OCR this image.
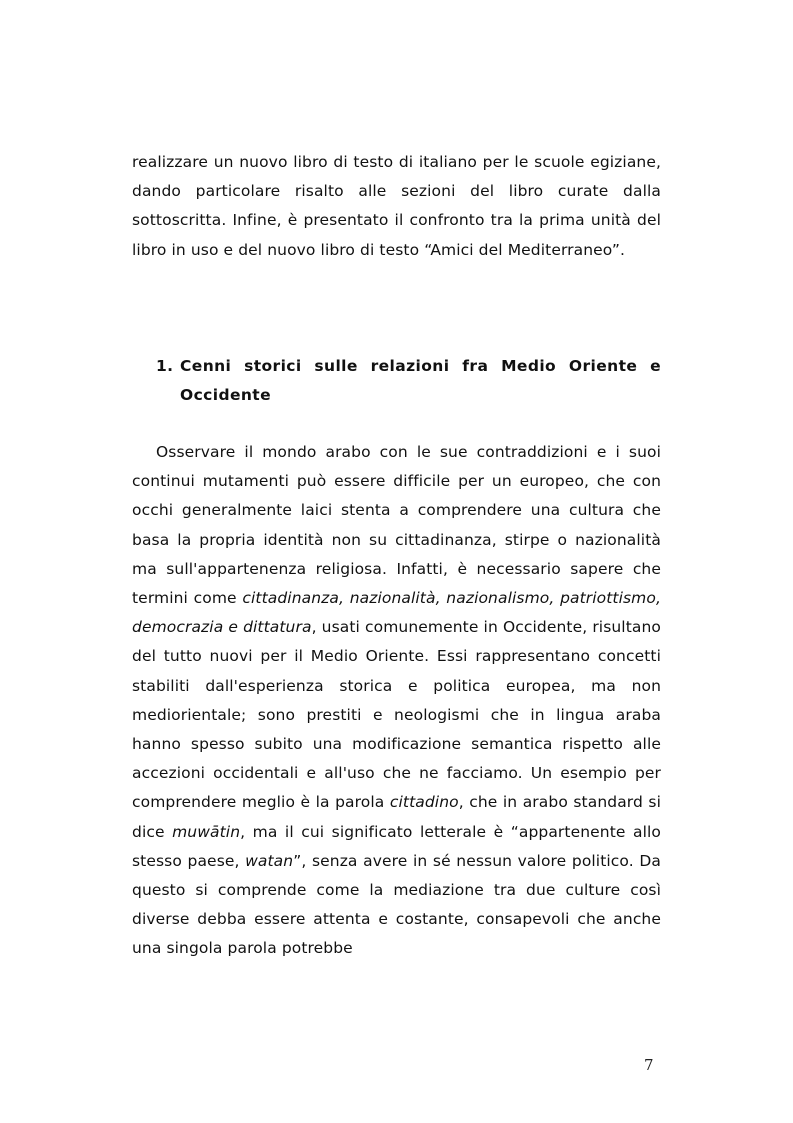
realizzare un nuovo libro di testo di italiano per le scuole egiziane, dando particolare risalto alle sezioni del libro curate dalla sottoscritta. Infine, è presentato il confronto tra la prima unità del libro in uso e del nuovo libro di testo “Amici del Mediterraneo”.

1. Cenni storici sulle relazioni fra Medio Oriente e Occidente

Osservare il mondo arabo con le sue contraddizioni e i suoi continui mutamenti può essere difficile per un europeo, che con occhi generalmente laici stenta a comprendere una cultura che basa la propria identità non su cittadinanza, stirpe o nazionalità ma sull'appartenenza religiosa. Infatti, è necessario sapere che termini come cittadinanza, nazionalità, nazionalismo, patriottismo, democrazia e dittatura, usati comunemente in Occidente, risultano del tutto nuovi per il Medio Oriente. Essi rappresentano concetti stabiliti dall'esperienza storica e politica europea, ma non mediorientale; sono prestiti e neologismi che in lingua araba hanno spesso subito una modificazione semantica rispetto alle accezioni occidentali e all'uso che ne facciamo. Un esempio per comprendere meglio è la parola cittadino, che in arabo standard si dice muwātin, ma il cui significato letterale è “appartenente allo stesso paese, watan”, senza avere in sé nessun valore politico. Da questo si comprende come la mediazione tra due culture così diverse debba essere attenta e costante, consapevoli che anche una singola parola potrebbe

7
